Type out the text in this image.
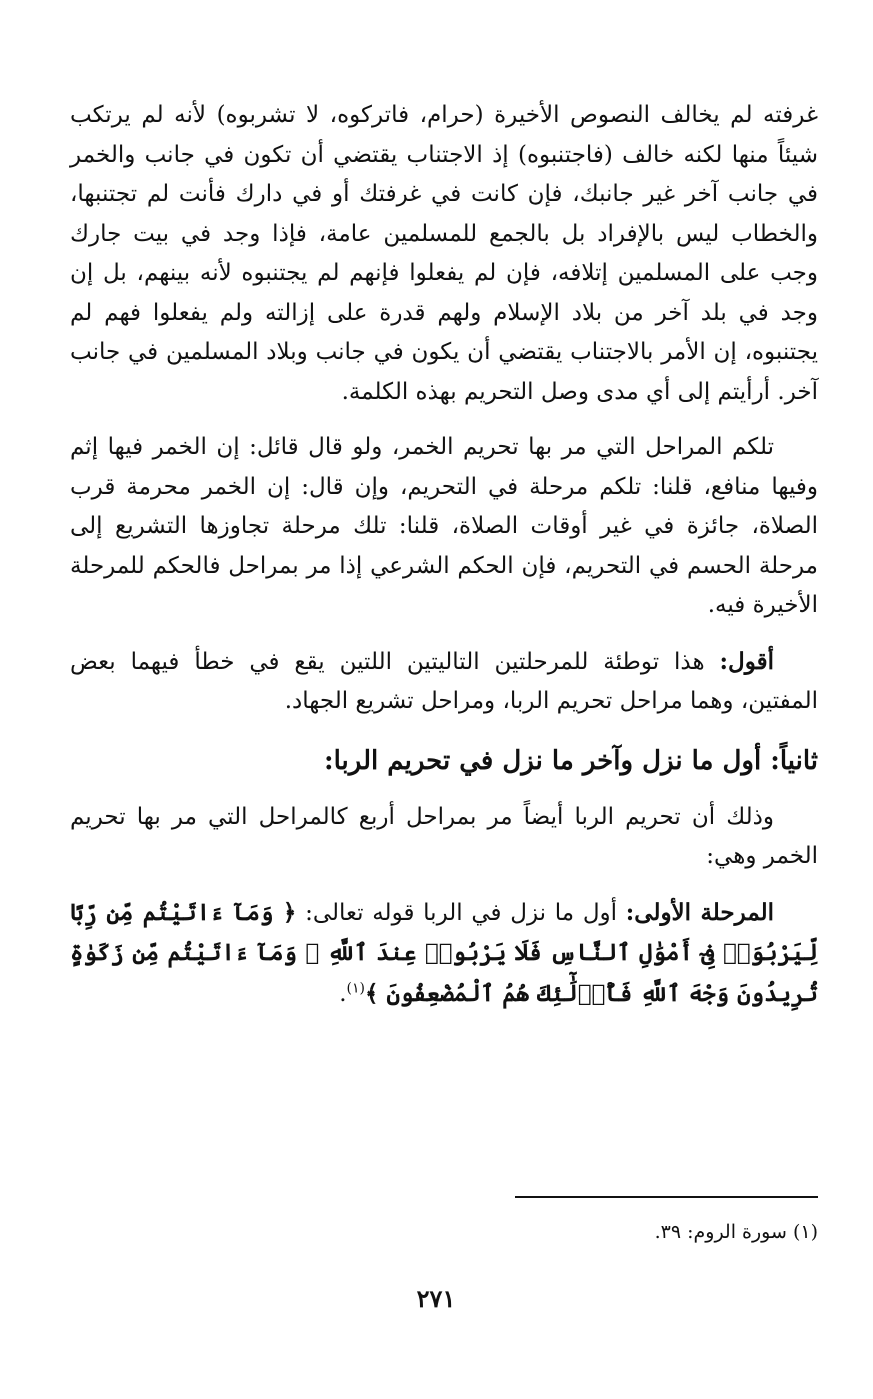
غرفته لم يخالف النصوص الأخيرة (حرام، فاتركوه، لا تشربوه) لأنه لم يرتكب شيئاً منها لكنه خالف (فاجتنبوه) إذ الاجتناب يقتضي أن تكون في جانب والخمر في جانب آخر غير جانبك، فإن كانت في غرفتك أو في دارك فأنت لم تجتنبها، والخطاب ليس بالإفراد بل بالجمع للمسلمين عامة، فإذا وجد في بيت جارك وجب على المسلمين إتلافه، فإن لم يفعلوا فإنهم لم يجتنبوه لأنه بينهم، بل إن وجد في بلد آخر من بلاد الإسلام ولهم قدرة على إزالته ولم يفعلوا فهم لم يجتنبوه، إن الأمر بالاجتناب يقتضي أن يكون في جانب وبلاد المسلمين في جانب آخر. أرأيتم إلى أي مدى وصل التحريم بهذه الكلمة.

تلكم المراحل التي مر بها تحريم الخمر، ولو قال قائل: إن الخمر فيها إثم وفيها منافع، قلنا: تلكم مرحلة في التحريم، وإن قال: إن الخمر محرمة قرب الصلاة، جائزة في غير أوقات الصلاة، قلنا: تلك مرحلة تجاوزها التشريع إلى مرحلة الحسم في التحريم، فإن الحكم الشرعي إذا مر بمراحل فالحكم للمرحلة الأخيرة فيه.

أقول: هذا توطئة للمرحلتين التاليتين اللتين يقع في خطأ فيهما بعض المفتين، وهما مراحل تحريم الربا، ومراحل تشريع الجهاد.

ثانياً: أول ما نزل وآخر ما نزل في تحريم الربا:

وذلك أن تحريم الربا أيضاً مر بمراحل أربع كالمراحل التي مر بها تحريم الخمر وهي:

المرحلة الأولى: أول ما نزل في الربا قوله تعالى: ﴿ وَمَآ ءَاتَيْتُم مِّن رِّبًا لِّيَرْبُوَا۟ فِىٓ أَمْوَٰلِ ٱلنَّاسِ فَلَا يَرْبُوا۟ عِندَ ٱللَّهِ ۖ وَمَآ ءَاتَيْتُم مِّن زَكَوٰةٍ تُرِيدُونَ وَجْهَ ٱللَّهِ فَأُو۟لَٰٓئِكَ هُمُ ٱلْمُضْعِفُونَ ﴾$^{(١)}$.

(١) سورة الروم: ٣٩.
٢٧١
